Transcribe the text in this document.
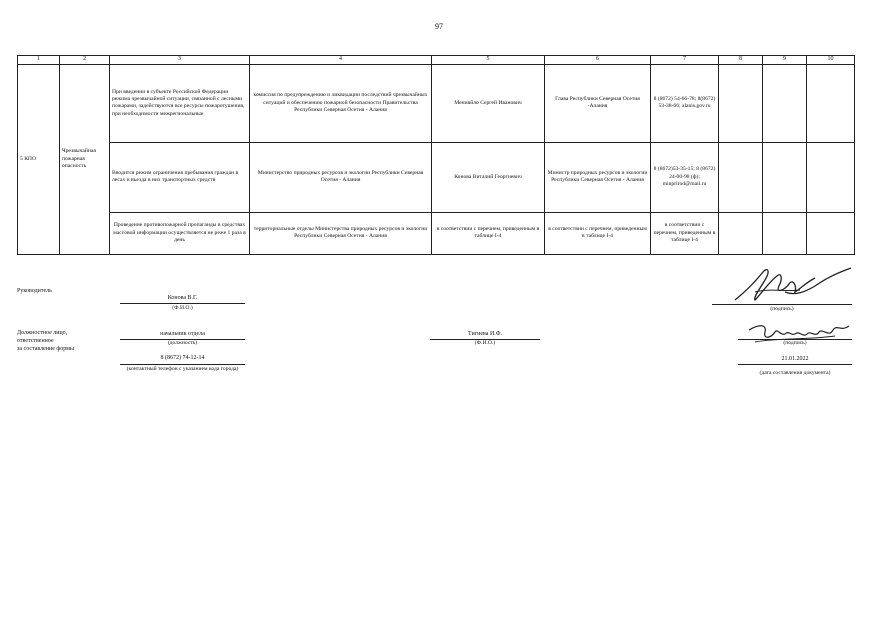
97
1	2	3	4	5	6	7	8	9	10
5 КПО	Чрезвычайная пожарная опасность	При введении в субъекте Российской Федерации режима чрезвычайной ситуации, связанной с лесными пожарами, задействуются все ресурсы пожаротушения, при необходимости межрегиональные	комиссия по предупреждению и ликвидации последствий чрезвычайных ситуаций и обеспечению пожарной безопасности Правительства Республики Северная Осетия - Алания	Менияйло Сергей Иванович	Глава Республики Северная Осетия -Алания	8 (8672) 54-66-78; 8(8672) 53-38-66; alanis.gov.ru			
		Вводится режим ограничения пребывания граждан в лесах и въезда в них транспортных средств	Министерство природных ресурсов и экологии Республики Северная Осетия - Алания	Конова Виталий Георгиевич	Министр природных ресурсов и экологии Республики Северная Осетия - Алания	8 (8672)53-35-15; 8 (8672) 24-00-98 (ф); minprirod@mail.ru			
		Проведение противопожарной пропаганды в средствах массовой информации осуществляется не реже 1 раза в день	территориальные отделы Министерства природных ресурсов и экологии Республики Северная Осетия - Алания	в соответствии с перечнем, приведенным в таблице I-4	в соответствии с перечнем, приведенным в таблице I-4	в соответствии с перечнем, приведенным в таблице I-4			
Руководитель
Конова В.Г.
(Ф.И.О.)	(подпись)
Должностное лицо,
ответственное
за составление формы
начальник отдела
(должность)
8 (8672) 74-12-14
(контактный телефон с указанием кода города)
Тигиева И.Ф.
(Ф.И.О.)	(подпись)
21.01.2022
(дата составления документа)
